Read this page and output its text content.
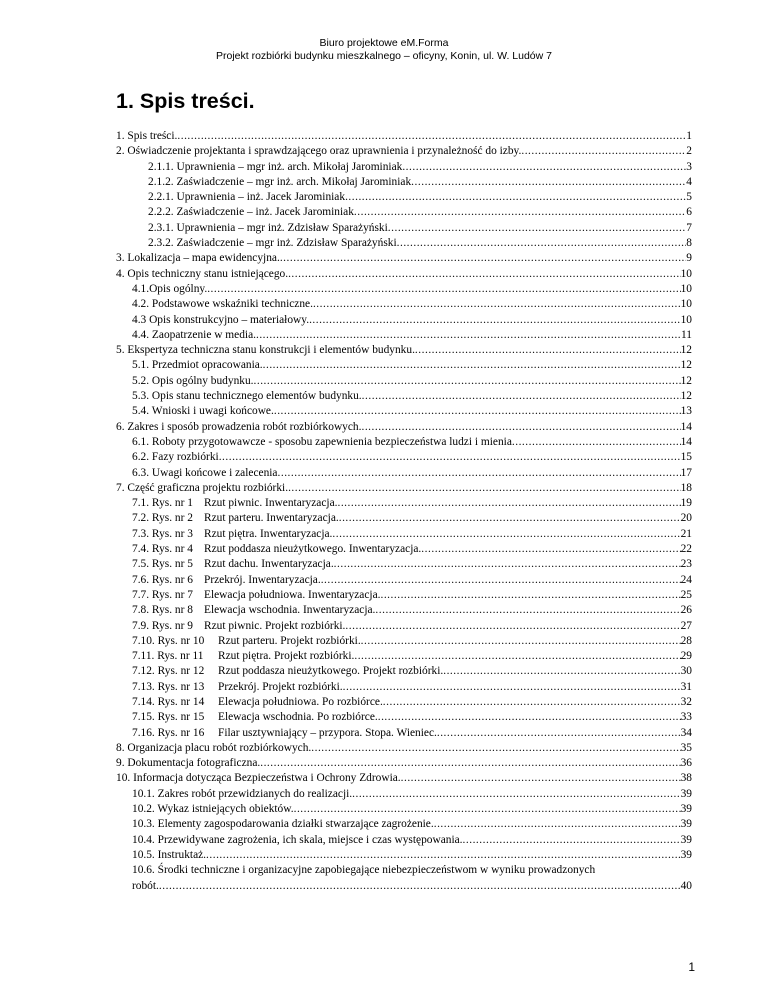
Biuro projektowe eM.Forma
Projekt rozbiórki budynku mieszkalnego – oficyny, Konin, ul. W. Ludów 7
1. Spis treści.
1. Spis treści. .....	1
2. Oświadczenie projektanta i sprawdzającego oraz uprawnienia i przynależność do izby. .....	2
2.1.1. Uprawnienia – mgr inż. arch. Mikołaj Jarominiak .....	3
2.1.2. Zaświadczenie – mgr inż. arch. Mikołaj Jarominiak .....	4
2.2.1. Uprawnienia – inż. Jacek Jarominiak .....	5
2.2.2. Zaświadczenie – inż. Jacek Jarominiak .....	6
2.3.1. Uprawnienia – mgr inż. Zdzisław Sparażyński .....	7
2.3.2. Zaświadczenie – mgr inż. Zdzisław Sparażyński .....	8
3. Lokalizacja – mapa ewidencyjna. .....	9
4. Opis techniczny stanu istniejącego. .....	10
4.1.Opis ogólny. .....	10
4.2. Podstawowe wskaźniki techniczne. .....	10
4.3 Opis konstrukcyjno – materiałowy. .....	10
4.4. Zaopatrzenie w media. .....	11
5. Ekspertyza techniczna stanu konstrukcji i elementów budynku. .....	12
5.1. Przedmiot opracowania. .....	12
5.2. Opis ogólny budynku. .....	12
5.3. Opis stanu technicznego elementów budynku. .....	12
5.4. Wnioski i uwagi końcowe. .....	13
6. Zakres i sposób prowadzenia robót rozbiórkowych. .....	14
6.1. Roboty przygotowawcze - sposobu zapewnienia bezpieczeństwa ludzi i mienia .....	14
6.2. Fazy rozbiórki .....	15
6.3. Uwagi końcowe i zalecenia .....	17
7. Część graficzna projektu rozbiórki. .....	18
7.1. Rys. nr 1 Rzut piwnic. Inwentaryzacja. .....	19
7.2. Rys. nr 2 Rzut parteru. Inwentaryzacja. .....	20
7.3. Rys. nr 3 Rzut piętra. Inwentaryzacja. .....	21
7.4. Rys. nr 4 Rzut poddasza nieużytkowego. Inwentaryzacja. .....	22
7.5. Rys. nr 5 Rzut dachu. Inwentaryzacja. .....	23
7.6. Rys. nr 6 Przekrój. Inwentaryzacja. .....	24
7.7. Rys. nr 7 Elewacja południowa. Inwentaryzacja. .....	25
7.8. Rys. nr 8 Elewacja wschodnia. Inwentaryzacja. .....	26
7.9. Rys. nr 9 Rzut piwnic. Projekt rozbiórki. .....	27
7.10. Rys. nr 10 Rzut parteru. Projekt rozbiórki. .....	28
7.11. Rys. nr 11 Rzut piętra. Projekt rozbiórki. .....	29
7.12. Rys. nr 12 Rzut poddasza nieużytkowego. Projekt rozbiórki. .....	30
7.13. Rys. nr 13 Przekrój. Projekt rozbiórki. .....	31
7.14. Rys. nr 14 Elewacja południowa. Po rozbiórce. .....	32
7.15. Rys. nr 15 Elewacja wschodnia. Po rozbiórce. .....	33
7.16. Rys. nr 16 Filar usztywniający – przypora. Stopa. Wieniec. .....	34
8. Organizacja placu robót rozbiórkowych. .....	35
9. Dokumentacja fotograficzna. .....	36
10. Informacja dotycząca Bezpieczeństwa i Ochrony Zdrowia. .....	38
10.1. Zakres robót przewidzianych do realizacji. .....	39
10.2. Wykaz istniejących obiektów. .....	39
10.3. Elementy zagospodarowania działki stwarzające zagrożenie. .....	39
10.4. Przewidywane zagrożenia, ich skala, miejsce i czas występowania. .....	39
10.5. Instruktaż. .....	39
10.6. Środki techniczne i organizacyjne zapobiegające niebezpieczeństwom w wyniku prowadzonych
robót. .....	40
1
